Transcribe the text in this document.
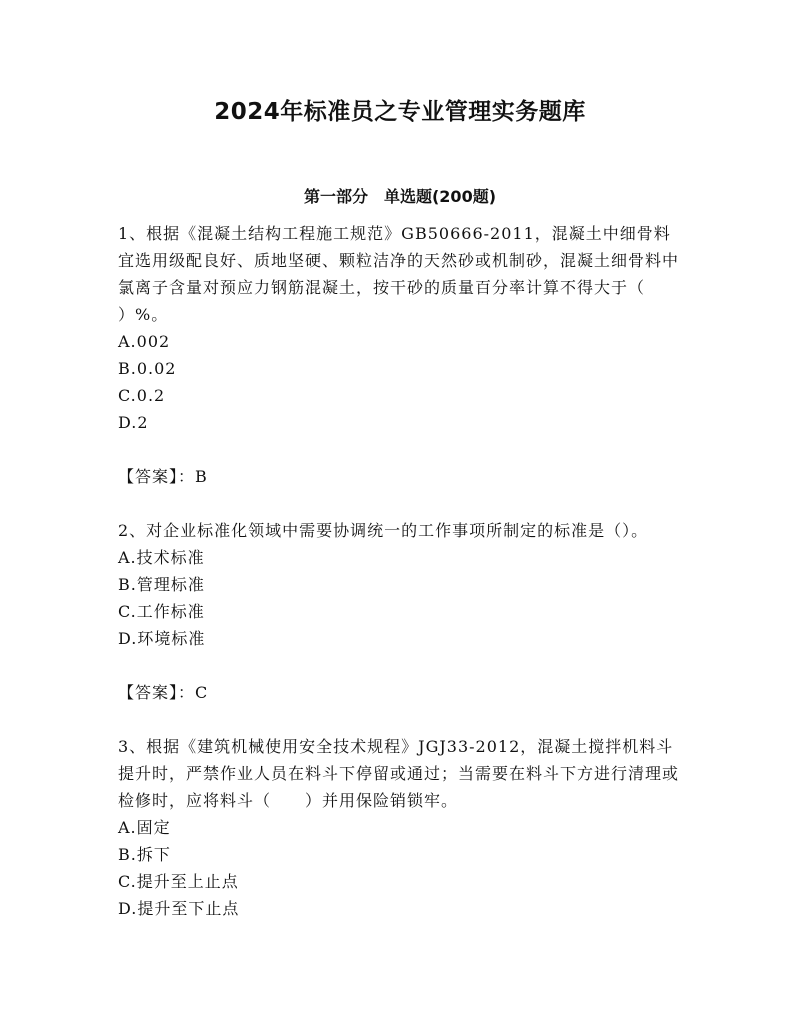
2024年标准员之专业管理实务题库
第一部分　单选题(200题)

1、根据《混凝土结构工程施工规范》GB50666-2011，混凝土中细骨料宜选用级配良好、质地坚硬、颗粒洁净的天然砂或机制砂，混凝土细骨料中氯离子含量对预应力钢筋混凝土，按干砂的质量百分率计算不得大于（　　）%。

A.002

B.0.02

C.0.2

D.2

【答案】：B

2、对企业标准化领域中需要协调统一的工作事项所制定的标准是（）。

A.技术标准

B.管理标准

C.工作标准

D.环境标准

【答案】：C

3、根据《建筑机械使用安全技术规程》JGJ33-2012，混凝土搅拌机料斗提升时，严禁作业人员在料斗下停留或通过；当需要在料斗下方进行清理或检修时，应将料斗（　　）并用保险销锁牢。

A.固定

B.拆下

C.提升至上止点

D.提升至下止点
